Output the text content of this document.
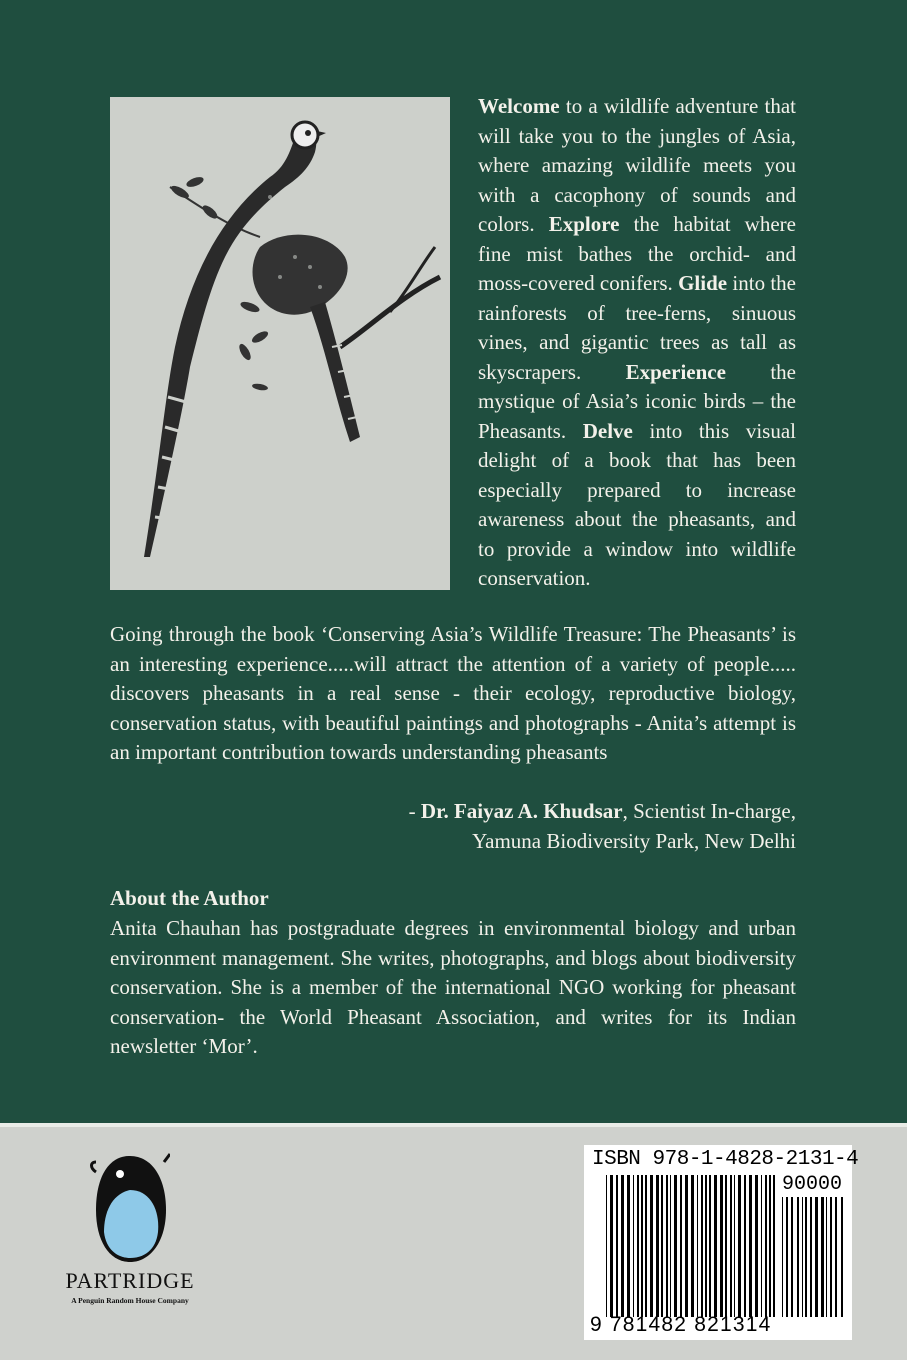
Welcome to a wildlife adventure that will take you to the jungles of Asia, where amazing wildlife meets you with a cacophony of sounds and colors. Explore the habitat where fine mist bathes the orchid- and moss-covered conifers. Glide into the rainforests of tree-ferns, sinuous vines, and gigantic trees as tall as skyscrapers. Experience the mystique of Asia’s iconic birds – the Pheasants. Delve into this visual delight of a book that has been especially prepared to increase awareness about the pheasants, and to provide a window into wildlife conservation.

Going through the book ‘Conserving Asia’s Wildlife Treasure: The Pheasants’ is an interesting experience.....will attract the attention of a variety of people..... discovers pheasants in a real sense - their ecology, reproductive biology, conservation status, with beautiful paintings and photographs - Anita’s attempt is an important contribution towards understanding pheasants

- Dr. Faiyaz A. Khudsar, Scientist In-charge,
Yamuna Biodiversity Park, New Delhi

About the Author

Anita Chauhan has postgraduate degrees in environmental biology and urban environment management. She writes, photographs, and blogs about biodiversity conservation. She is a member of the international NGO working for pheasant conservation- the World Pheasant Association, and writes for its Indian newsletter ‘Mor’.

PARTRIDGE
A Penguin Random House Company
ISBN 978-1-4828-2131-4
90000
9 781482 821314
